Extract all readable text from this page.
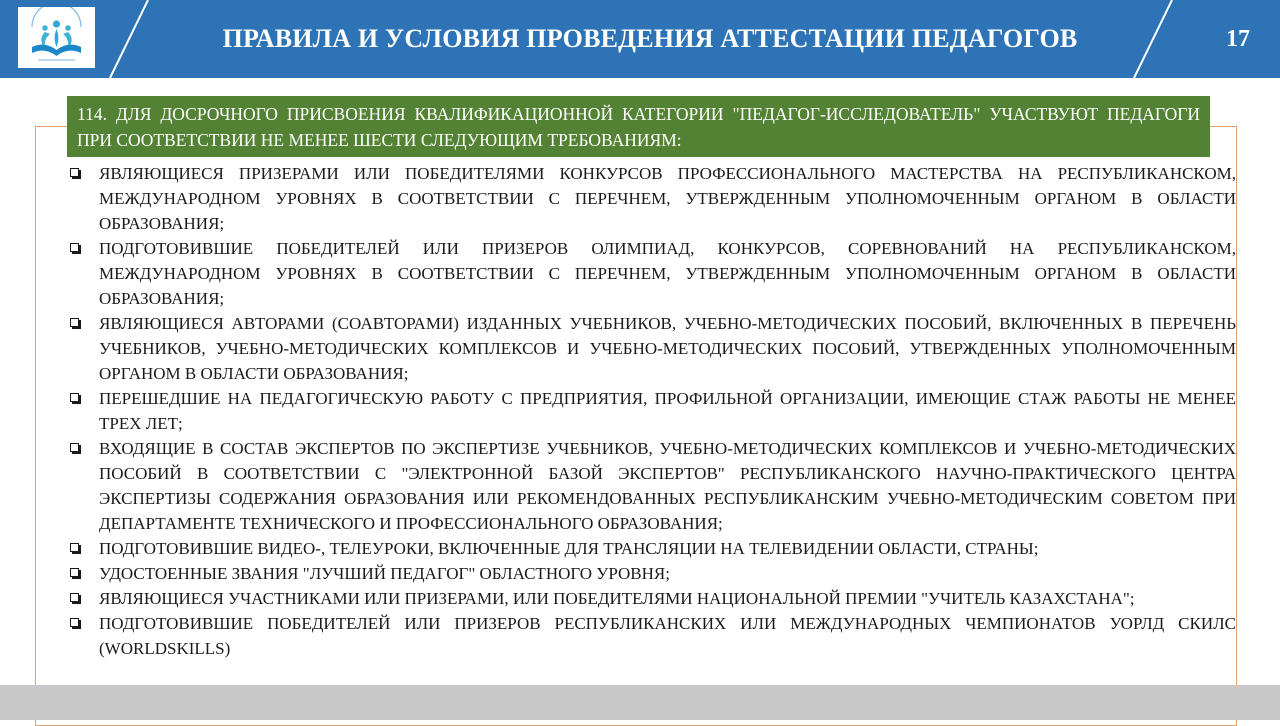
ПРАВИЛА И УСЛОВИЯ ПРОВЕДЕНИЯ АТТЕСТАЦИИ ПЕДАГОГОВ	17
114. ДЛЯ ДОСРОЧНОГО ПРИСВОЕНИЯ КВАЛИФИКАЦИОННОЙ КАТЕГОРИИ "ПЕДАГОГ-ИССЛЕДОВАТЕЛЬ" УЧАСТВУЮТ ПЕДАГОГИ ПРИ СООТВЕТСТВИИ НЕ МЕНЕЕ ШЕСТИ СЛЕДУЮЩИМ ТРЕБОВАНИЯМ:
ЯВЛЯЮЩИЕСЯ ПРИЗЕРАМИ ИЛИ ПОБЕДИТЕЛЯМИ КОНКУРСОВ ПРОФЕССИОНАЛЬНОГО МАСТЕРСТВА НА РЕСПУБЛИКАНСКОМ, МЕЖДУНАРОДНОМ УРОВНЯХ В СООТВЕТСТВИИ С ПЕРЕЧНЕМ, УТВЕРЖДЕННЫМ УПОЛНОМОЧЕННЫМ ОРГАНОМ В ОБЛАСТИ ОБРАЗОВАНИЯ;
ПОДГОТОВИВШИЕ ПОБЕДИТЕЛЕЙ ИЛИ ПРИЗЕРОВ ОЛИМПИАД, КОНКУРСОВ, СОРЕВНОВАНИЙ НА РЕСПУБЛИКАНСКОМ, МЕЖДУНАРОДНОМ УРОВНЯХ В СООТВЕТСТВИИ С ПЕРЕЧНЕМ, УТВЕРЖДЕННЫМ УПОЛНОМОЧЕННЫМ ОРГАНОМ В ОБЛАСТИ ОБРАЗОВАНИЯ;
ЯВЛЯЮЩИЕСЯ АВТОРАМИ (СОАВТОРАМИ) ИЗДАННЫХ УЧЕБНИКОВ, УЧЕБНО-МЕТОДИЧЕСКИХ ПОСОБИЙ, ВКЛЮЧЕННЫХ В ПЕРЕЧЕНЬ УЧЕБНИКОВ, УЧЕБНО-МЕТОДИЧЕСКИХ КОМПЛЕКСОВ И УЧЕБНО-МЕТОДИЧЕСКИХ ПОСОБИЙ, УТВЕРЖДЕННЫХ УПОЛНОМОЧЕННЫМ ОРГАНОМ В ОБЛАСТИ ОБРАЗОВАНИЯ;
ПЕРЕШЕДШИЕ НА ПЕДАГОГИЧЕСКУЮ РАБОТУ С ПРЕДПРИЯТИЯ, ПРОФИЛЬНОЙ ОРГАНИЗАЦИИ, ИМЕЮЩИЕ СТАЖ РАБОТЫ НЕ МЕНЕЕ ТРЕХ ЛЕТ;
ВХОДЯЩИЕ В СОСТАВ ЭКСПЕРТОВ ПО ЭКСПЕРТИЗЕ УЧЕБНИКОВ, УЧЕБНО-МЕТОДИЧЕСКИХ КОМПЛЕКСОВ И УЧЕБНО-МЕТОДИЧЕСКИХ ПОСОБИЙ В СООТВЕТСТВИИ С "ЭЛЕКТРОННОЙ БАЗОЙ ЭКСПЕРТОВ" РЕСПУБЛИКАНСКОГО НАУЧНО-ПРАКТИЧЕСКОГО ЦЕНТРА ЭКСПЕРТИЗЫ СОДЕРЖАНИЯ ОБРАЗОВАНИЯ ИЛИ РЕКОМЕНДОВАННЫХ РЕСПУБЛИКАНСКИМ УЧЕБНО-МЕТОДИЧЕСКИМ СОВЕТОМ ПРИ ДЕПАРТАМЕНТЕ ТЕХНИЧЕСКОГО И ПРОФЕССИОНАЛЬНОГО ОБРАЗОВАНИЯ;
ПОДГОТОВИВШИЕ ВИДЕО-, ТЕЛЕУРОКИ, ВКЛЮЧЕННЫЕ ДЛЯ ТРАНСЛЯЦИИ НА ТЕЛЕВИДЕНИИ ОБЛАСТИ, СТРАНЫ;
УДОСТОЕННЫЕ ЗВАНИЯ "ЛУЧШИЙ ПЕДАГОГ" ОБЛАСТНОГО УРОВНЯ;
ЯВЛЯЮЩИЕСЯ УЧАСТНИКАМИ ИЛИ ПРИЗЕРАМИ, ИЛИ ПОБЕДИТЕЛЯМИ НАЦИОНАЛЬНОЙ ПРЕМИИ "УЧИТЕЛЬ КАЗАХСТАНА";
ПОДГОТОВИВШИЕ ПОБЕДИТЕЛЕЙ ИЛИ ПРИЗЕРОВ РЕСПУБЛИКАНСКИХ ИЛИ МЕЖДУНАРОДНЫХ ЧЕМПИОНАТОВ УОРЛД СКИЛС (WORLDSKILLS)
